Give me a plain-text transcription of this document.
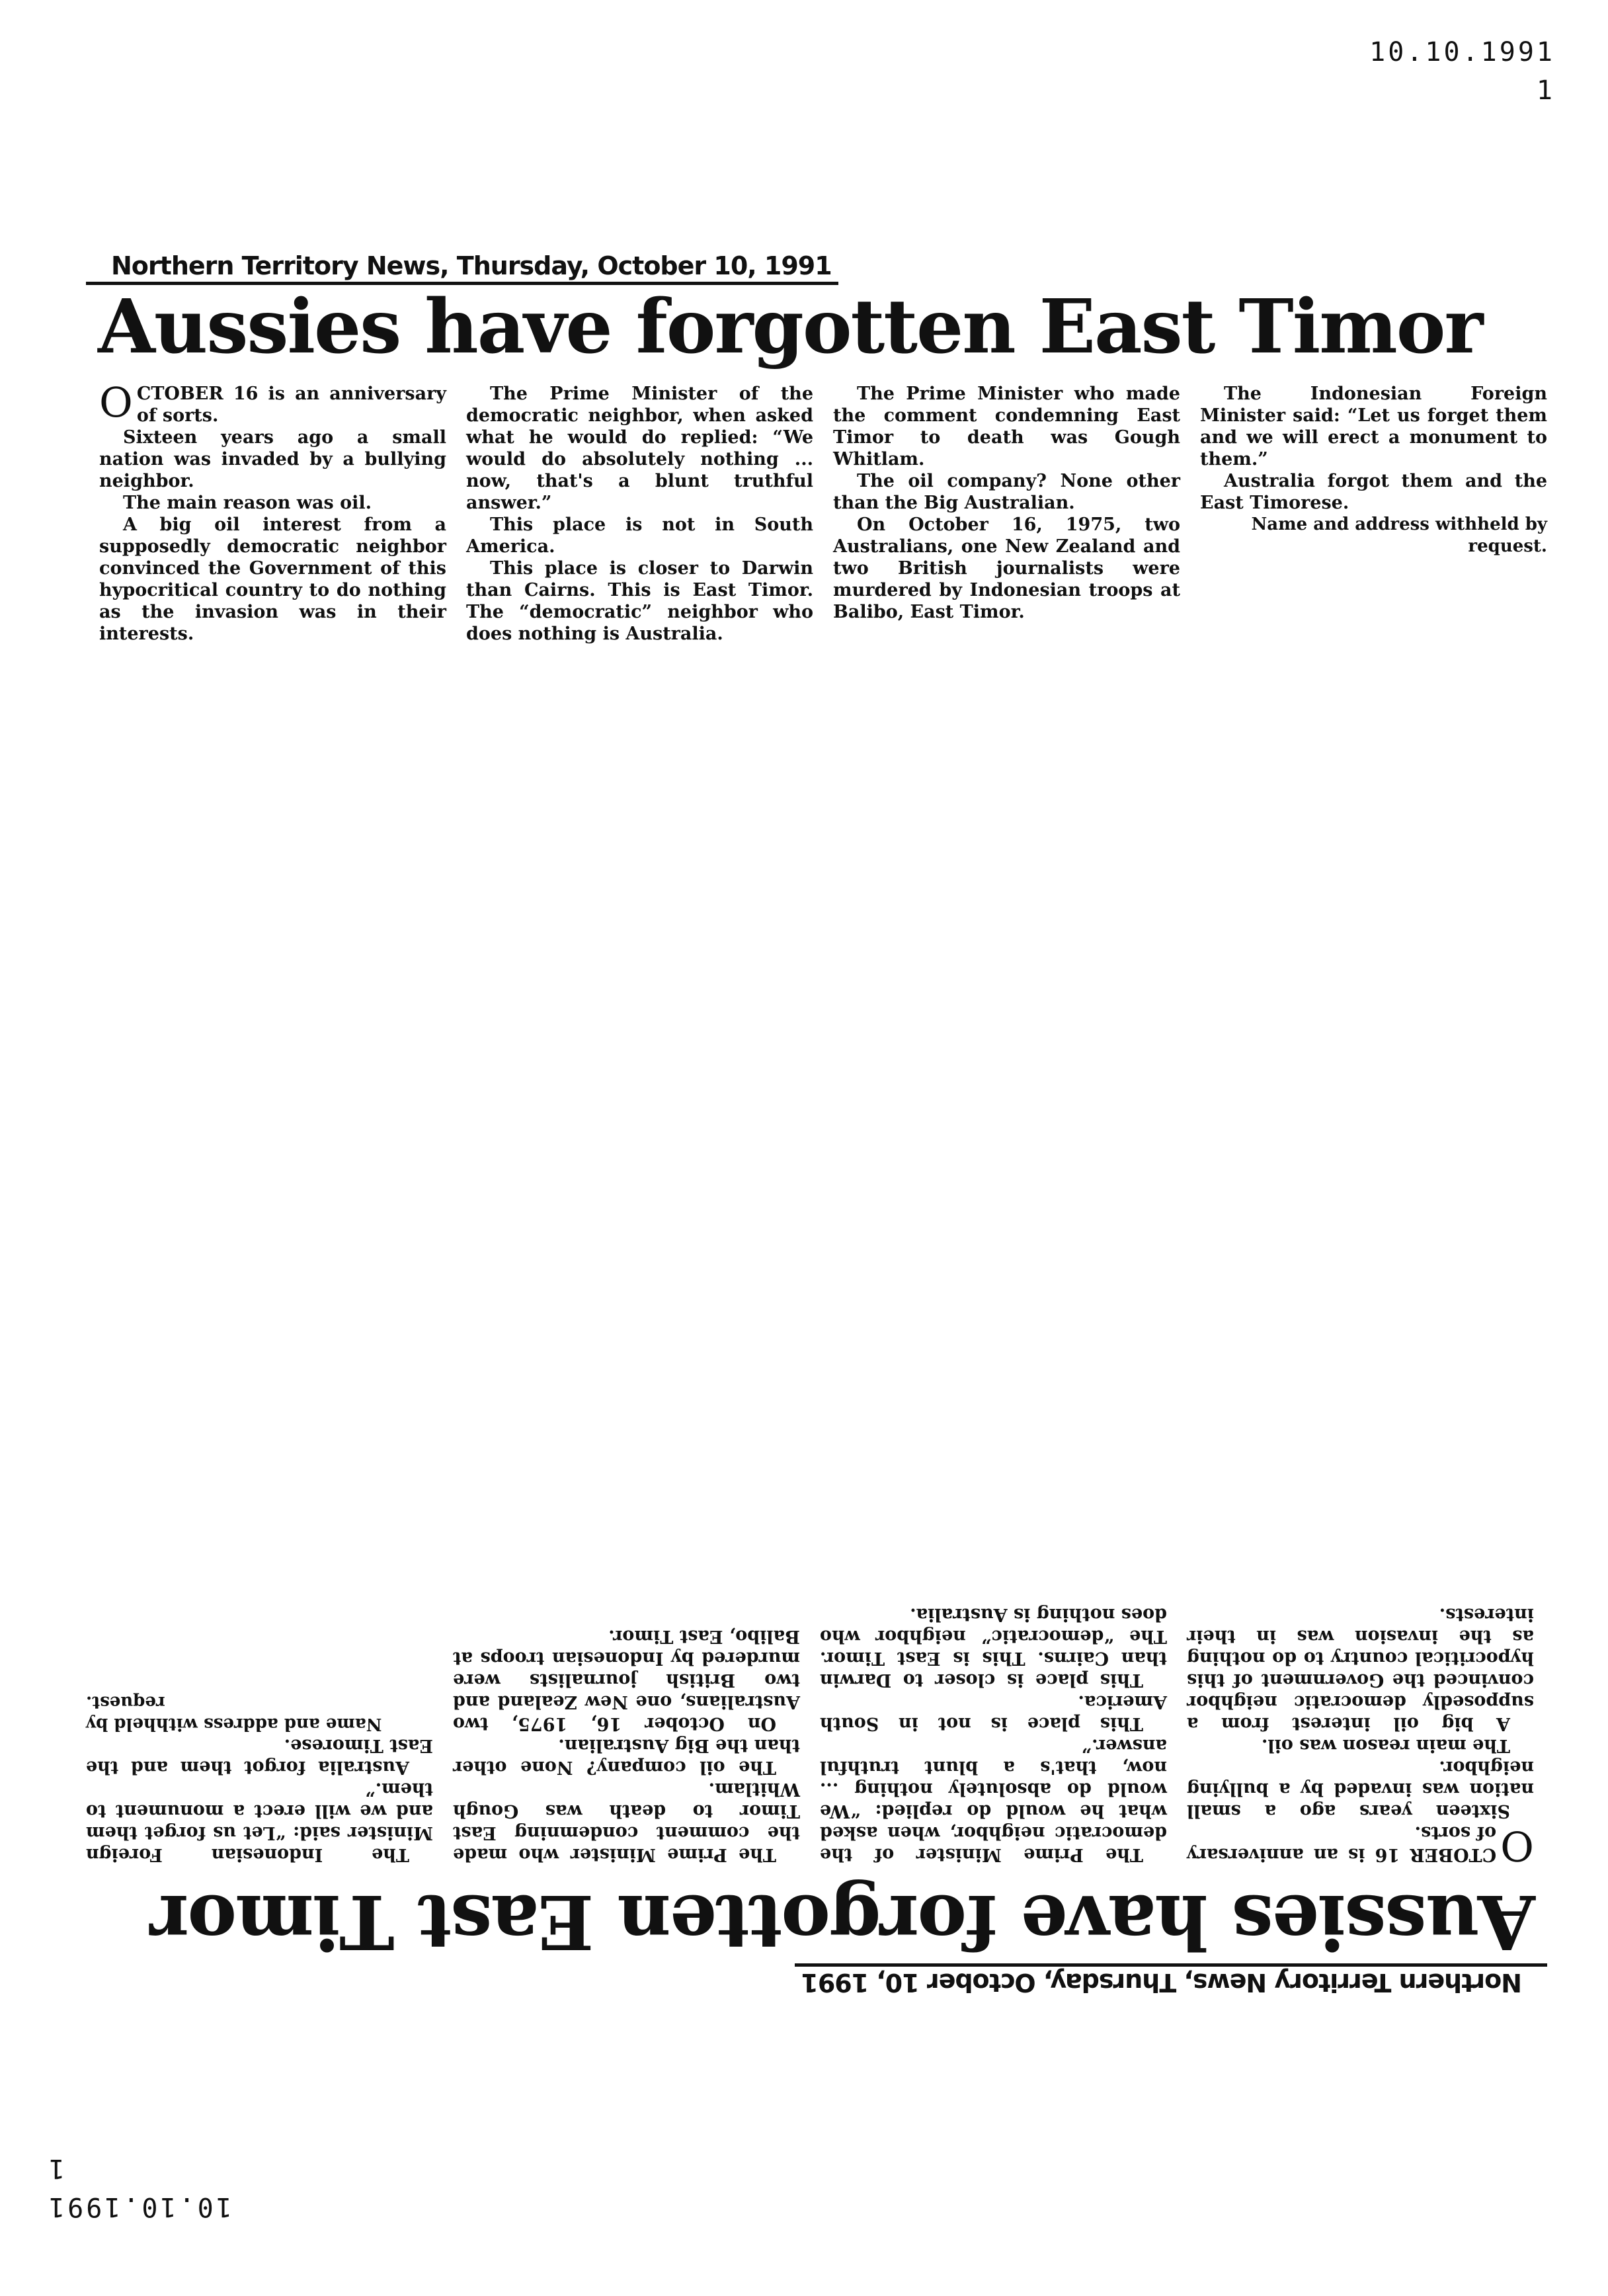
10.10.1991
1
Northern Territory News, Thursday, October 10, 1991
Aussies have forgotten East Timor

OCTOBER 16 is an anniversary of sorts.

Sixteen years ago a small nation was invaded by a bullying neighbor.

The main reason was oil.

A big oil interest from a supposedly democratic neighbor convinced the Government of this hypocritical country to do nothing as the invasion was in their interests.

The Prime Minister of the democratic neighbor, when asked what he would do replied: “We would do absolutely nothing ... now, that's a blunt truthful answer.”

This place is not in South America.

This place is closer to Darwin than Cairns. This is East Timor. The “democratic” neighbor who does nothing is Australia.

The Prime Minister who made the comment condemning East Timor to death was Gough Whitlam.

The oil company? None other than the Big Australian.

On October 16, 1975, two Australians, one New Zealand and two British journalists were murdered by Indonesian troops at Balibo, East Timor.

The Indonesian Foreign Minister said: “Let us forget them and we will erect a monument to them.”

Australia forgot them and the East Timorese.

Name and address withheld by request.

Northern Territory News, Thursday, October 10, 1991
Aussies have forgotten East Timor

O
CTOBER 16 is an anniversary of sorts.

Sixteen years ago a small nation was invaded by a bullying neighbor.

The main reason was oil.

A big oil interest from a supposedly democratic neighbor convinced the Government of this hypocritical country to do nothing as the invasion was in their interests.

The Prime Minister of the democratic neighbor, when asked what he would do replied: “We would do absolutely nothing ... now, that's a blunt truthful answer.”

This place is not in South America.

This place is closer to Darwin than Cairns. This is East Timor. The “democratic” neighbor who does nothing is Australia.

The Prime Minister who made the comment condemning East Timor to death was Gough Whitlam.

The oil company? None other than the Big Australian.

On October 16, 1975, two Australians, one New Zealand and two British journalists were murdered by Indonesian troops at Balibo, East Timor.

The Indonesian Foreign Minister said: “Let us forget them and we will erect a monument to them.”

Australia forgot them and the East Timorese.

Name and address withheld by request.

10.10.1991
1
